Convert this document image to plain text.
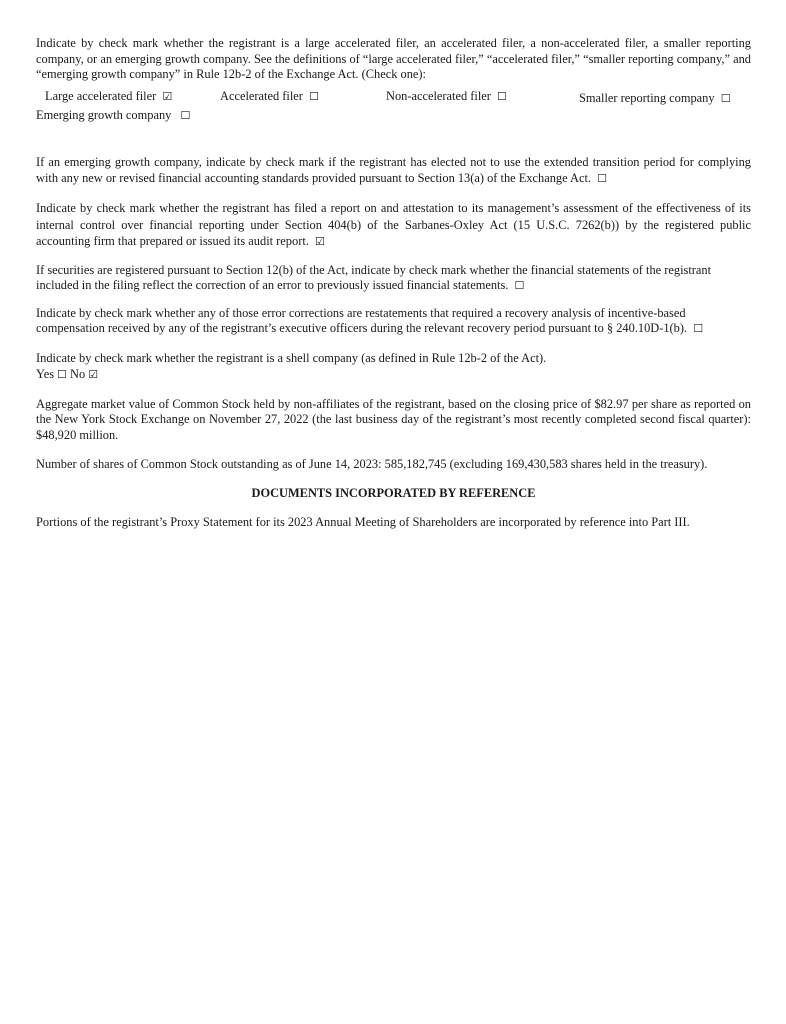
Indicate by check mark whether the registrant is a large accelerated filer, an accelerated filer, a non-accelerated filer, a smaller reporting company, or an emerging growth company. See the definitions of “large accelerated filer,” “accelerated filer,” “smaller reporting company,” and “emerging growth company” in Rule 12b-2 of the Exchange Act. (Check one):

Large accelerated filer ☑	Accelerated filer ☐	Non-accelerated filer ☐	Smaller reporting company ☐

Emerging growth company ☐

If an emerging growth company, indicate by check mark if the registrant has elected not to use the extended transition period for complying with any new or revised financial accounting standards provided pursuant to Section 13(a) of the Exchange Act. ☐

Indicate by check mark whether the registrant has filed a report on and attestation to its management’s assessment of the effectiveness of its internal control over financial reporting under Section 404(b) of the Sarbanes-Oxley Act (15 U.S.C. 7262(b)) by the registered public accounting firm that prepared or issued its audit report. ☑

If securities are registered pursuant to Section 12(b) of the Act, indicate by check mark whether the financial statements of the registrant included in the filing reflect the correction of an error to previously issued financial statements. ☐

Indicate by check mark whether any of those error corrections are restatements that required a recovery analysis of incentive-based compensation received by any of the registrant’s executive officers during the relevant recovery period pursuant to § 240.10D-1(b). ☐

Indicate by check mark whether the registrant is a shell company (as defined in Rule 12b-2 of the Act).

Yes ☐ No ☑

Aggregate market value of Common Stock held by non-affiliates of the registrant, based on the closing price of $82.97 per share as reported on the New York Stock Exchange on November 27, 2022 (the last business day of the registrant’s most recently completed second fiscal quarter): $48,920 million.

Number of shares of Common Stock outstanding as of June 14, 2023: 585,182,745 (excluding 169,430,583 shares held in the treasury).

DOCUMENTS INCORPORATED BY REFERENCE

Portions of the registrant’s Proxy Statement for its 2023 Annual Meeting of Shareholders are incorporated by reference into Part III.
